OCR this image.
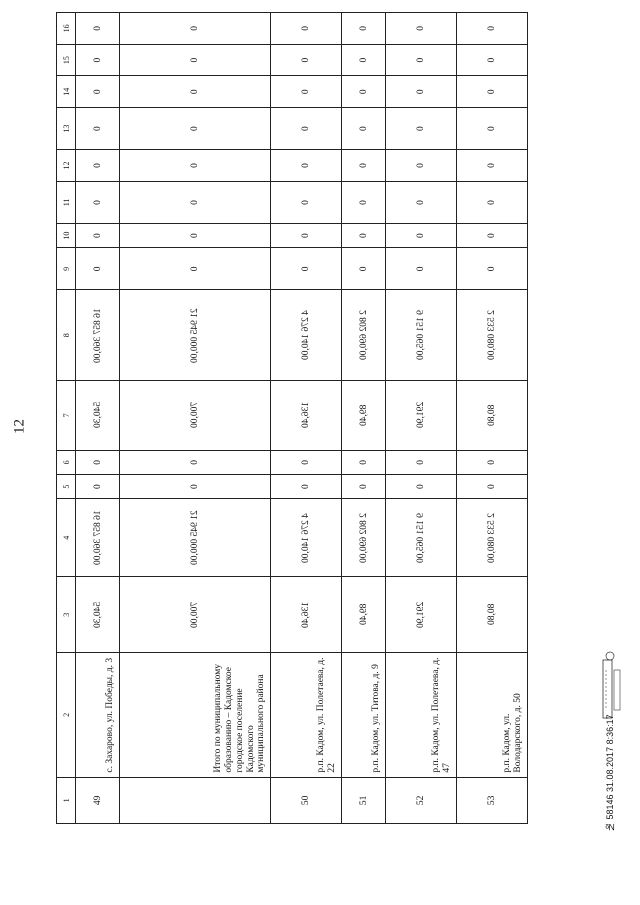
12
1	2	3	4	5	6	7	8	9	10	11	12	13	14	15	16
49	с. Захарово, ул. Победы, д. 3	540,30	16 857 360,00	0	0	540,30	16 857 360,00	0	0	0	0	0	0	0	0
	Итого по муниципальному образованию – Кадомское городское поселение Кадомского муниципального района	700,00	21 945 000,00	0	0	700,00	21 945 000,00	0	0	0	0	0	0	0	0
50	р.п. Кадом, ул. Полетаева, д. 22	136,40	4 276 140,00	0	0	136,40	4 276 140,00	0	0	0	0	0	0	0	0
51	р.п. Кадом, ул. Титова, д. 9	89,40	2 802 690,00	0	0	89,40	2 802 690,00	0	0	0	0	0	0	0	0
52	р.п. Кадом, ул. Полетаева, д. 47	291,90	9 151 065,00	0	0	291,90	9 151 065,00	0	0	0	0	0	0	0	0
53	р.п. Кадом, ул. Володарского, д. 50	80,80	2 533 080,00	0	0	80,80	2 533 080,00	0	0	0	0	0	0	0	0
№ 58146 31.08.2017 8:36:17
